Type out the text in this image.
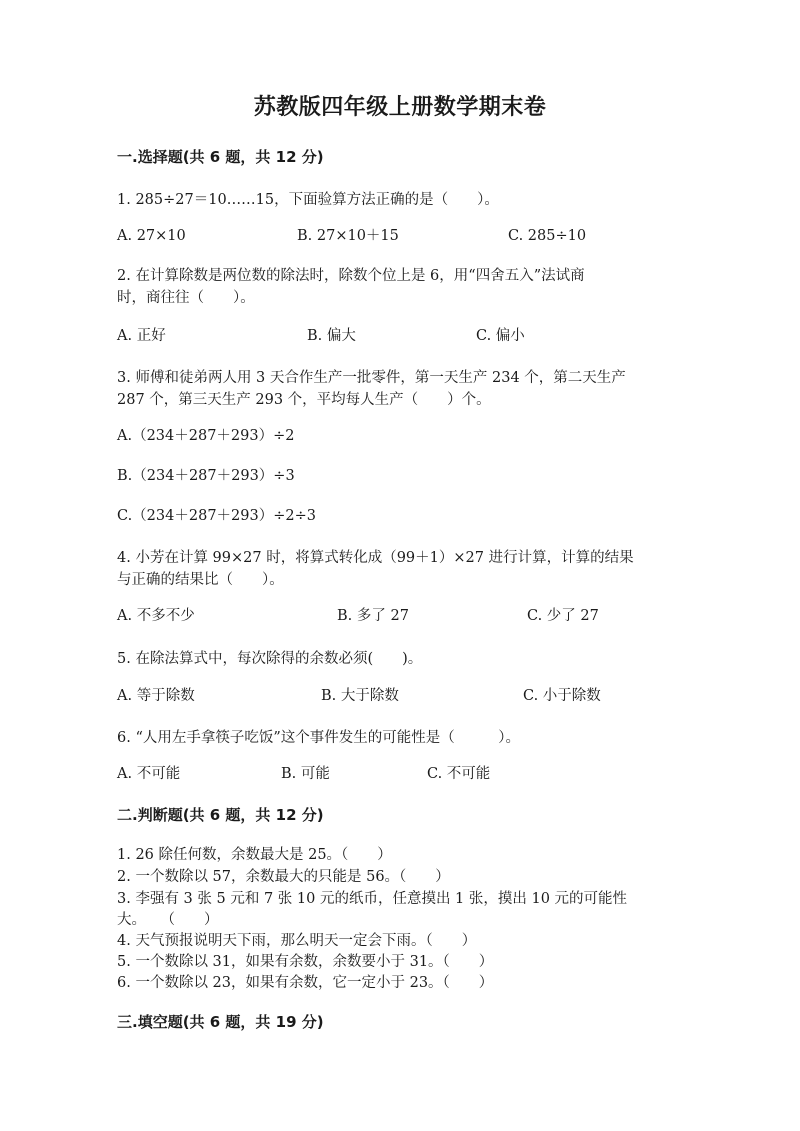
苏教版四年级上册数学期末卷
一.选择题(共 6 题，共 12 分)
1. 285÷27＝10……15，下面验算方法正确的是（　　）。
A. 27×10	B. 27×10＋15	C. 285÷10
2. 在计算除数是两位数的除法时，除数个位上是 6，用“四舍五入”法试商
时，商往往（　　）。
A. 正好	B. 偏大	C. 偏小
3. 师傅和徒弟两人用 3 天合作生产一批零件，第一天生产 234 个，第二天生产
287 个，第三天生产 293 个，平均每人生产（　　）个。
A.（234＋287＋293）÷2
B.（234＋287＋293）÷3
C.（234＋287＋293）÷2÷3
4. 小芳在计算 99×27 时，将算式转化成（99＋1）×27 进行计算，计算的结果
与正确的结果比（　　）。
A. 不多不少	B. 多了 27	C. 少了 27
5. 在除法算式中，每次除得的余数必须(　　)。
A. 等于除数	B. 大于除数	C. 小于除数
6. “人用左手拿筷子吃饭”这个事件发生的可能性是（　　　）。
A. 不可能	B. 可能	C. 不可能
二.判断题(共 6 题，共 12 分)
1. 26 除任何数，余数最大是 25。（　　）
2. 一个数除以 57，余数最大的只能是 56。（　　）
3. 李强有 3 张 5 元和 7 张 10 元的纸币，任意摸出 1 张，摸出 10 元的可能性
大。　　（　　）
4. 天气预报说明天下雨，那么明天一定会下雨。（　　）
5. 一个数除以 31，如果有余数，余数要小于 31。（　　）
6. 一个数除以 23，如果有余数，它一定小于 23。（　　）
三.填空题(共 6 题，共 19 分)
